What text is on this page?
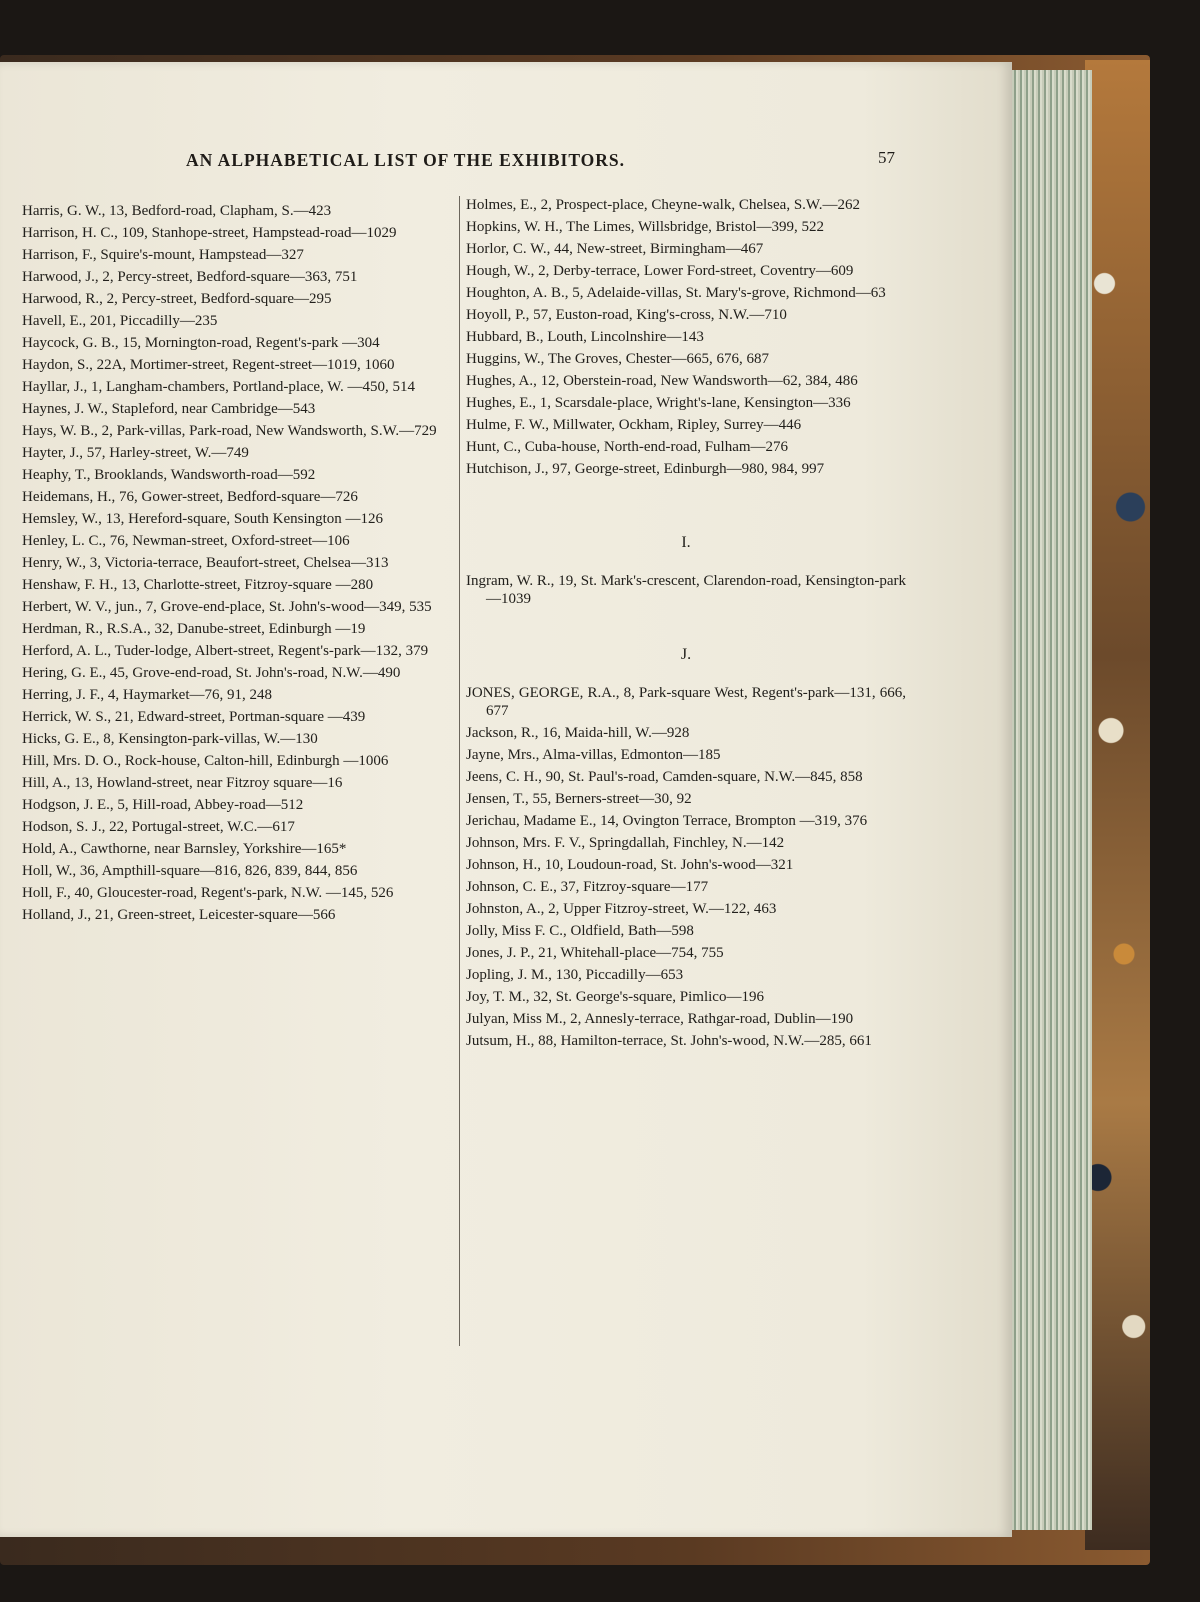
AN ALPHABETICAL LIST OF THE EXHIBITORS.	57
Harris, G. W., 13, Bedford-road, Clapham, S.—423
Harrison, H. C., 109, Stanhope-street, Hampstead-road—1029
Harrison, F., Squire's-mount, Hampstead—327
Harwood, J., 2, Percy-street, Bedford-square—363, 751
Harwood, R., 2, Percy-street, Bedford-square—295
Havell, E., 201, Piccadilly—235
Haycock, G. B., 15, Mornington-road, Regent's-park —304
Haydon, S., 22A, Mortimer-street, Regent-street—1019, 1060
Hayllar, J., 1, Langham-chambers, Portland-place, W. —450, 514
Haynes, J. W., Stapleford, near Cambridge—543
Hays, W. B., 2, Park-villas, Park-road, New Wandsworth, S.W.—729
Hayter, J., 57, Harley-street, W.—749
Heaphy, T., Brooklands, Wandsworth-road—592
Heidemans, H., 76, Gower-street, Bedford-square—726
Hemsley, W., 13, Hereford-square, South Kensington —126
Henley, L. C., 76, Newman-street, Oxford-street—106
Henry, W., 3, Victoria-terrace, Beaufort-street, Chelsea—313
Henshaw, F. H., 13, Charlotte-street, Fitzroy-square —280
Herbert, W. V., jun., 7, Grove-end-place, St. John's-wood—349, 535
Herdman, R., R.S.A., 32, Danube-street, Edinburgh —19
Herford, A. L., Tuder-lodge, Albert-street, Regent's-park—132, 379
Hering, G. E., 45, Grove-end-road, St. John's-road, N.W.—490
Herring, J. F., 4, Haymarket—76, 91, 248
Herrick, W. S., 21, Edward-street, Portman-square —439
Hicks, G. E., 8, Kensington-park-villas, W.—130
Hill, Mrs. D. O., Rock-house, Calton-hill, Edinburgh —1006
Hill, A., 13, Howland-street, near Fitzroy square—16
Hodgson, J. E., 5, Hill-road, Abbey-road—512
Hodson, S. J., 22, Portugal-street, W.C.—617
Hold, A., Cawthorne, near Barnsley, Yorkshire—165*
Holl, W., 36, Ampthill-square—816, 826, 839, 844, 856
Holl, F., 40, Gloucester-road, Regent's-park, N.W. —145, 526
Holland, J., 21, Green-street, Leicester-square—566
Holmes, E., 2, Prospect-place, Cheyne-walk, Chelsea, S.W.—262
Hopkins, W. H., The Limes, Willsbridge, Bristol—399, 522
Horlor, C. W., 44, New-street, Birmingham—467
Hough, W., 2, Derby-terrace, Lower Ford-street, Coventry—609
Houghton, A. B., 5, Adelaide-villas, St. Mary's-grove, Richmond—63
Hoyoll, P., 57, Euston-road, King's-cross, N.W.—710
Hubbard, B., Louth, Lincolnshire—143
Huggins, W., The Groves, Chester—665, 676, 687
Hughes, A., 12, Oberstein-road, New Wandsworth—62, 384, 486
Hughes, E., 1, Scarsdale-place, Wright's-lane, Kensington—336
Hulme, F. W., Millwater, Ockham, Ripley, Surrey—446
Hunt, C., Cuba-house, North-end-road, Fulham—276
Hutchison, J., 97, George-street, Edinburgh—980, 984, 997
I.
Ingram, W. R., 19, St. Mark's-crescent, Clarendon-road, Kensington-park—1039
J.
JONES, GEORGE, R.A., 8, Park-square West, Regent's-park—131, 666, 677
Jackson, R., 16, Maida-hill, W.—928
Jayne, Mrs., Alma-villas, Edmonton—185
Jeens, C. H., 90, St. Paul's-road, Camden-square, N.W.—845, 858
Jensen, T., 55, Berners-street—30, 92
Jerichau, Madame E., 14, Ovington Terrace, Brompton —319, 376
Johnson, Mrs. F. V., Springdallah, Finchley, N.—142
Johnson, H., 10, Loudoun-road, St. John's-wood—321
Johnson, C. E., 37, Fitzroy-square—177
Johnston, A., 2, Upper Fitzroy-street, W.—122, 463
Jolly, Miss F. C., Oldfield, Bath—598
Jones, J. P., 21, Whitehall-place—754, 755
Jopling, J. M., 130, Piccadilly—653
Joy, T. M., 32, St. George's-square, Pimlico—196
Julyan, Miss M., 2, Annesly-terrace, Rathgar-road, Dublin—190
Jutsum, H., 88, Hamilton-terrace, St. John's-wood, N.W.—285, 661
